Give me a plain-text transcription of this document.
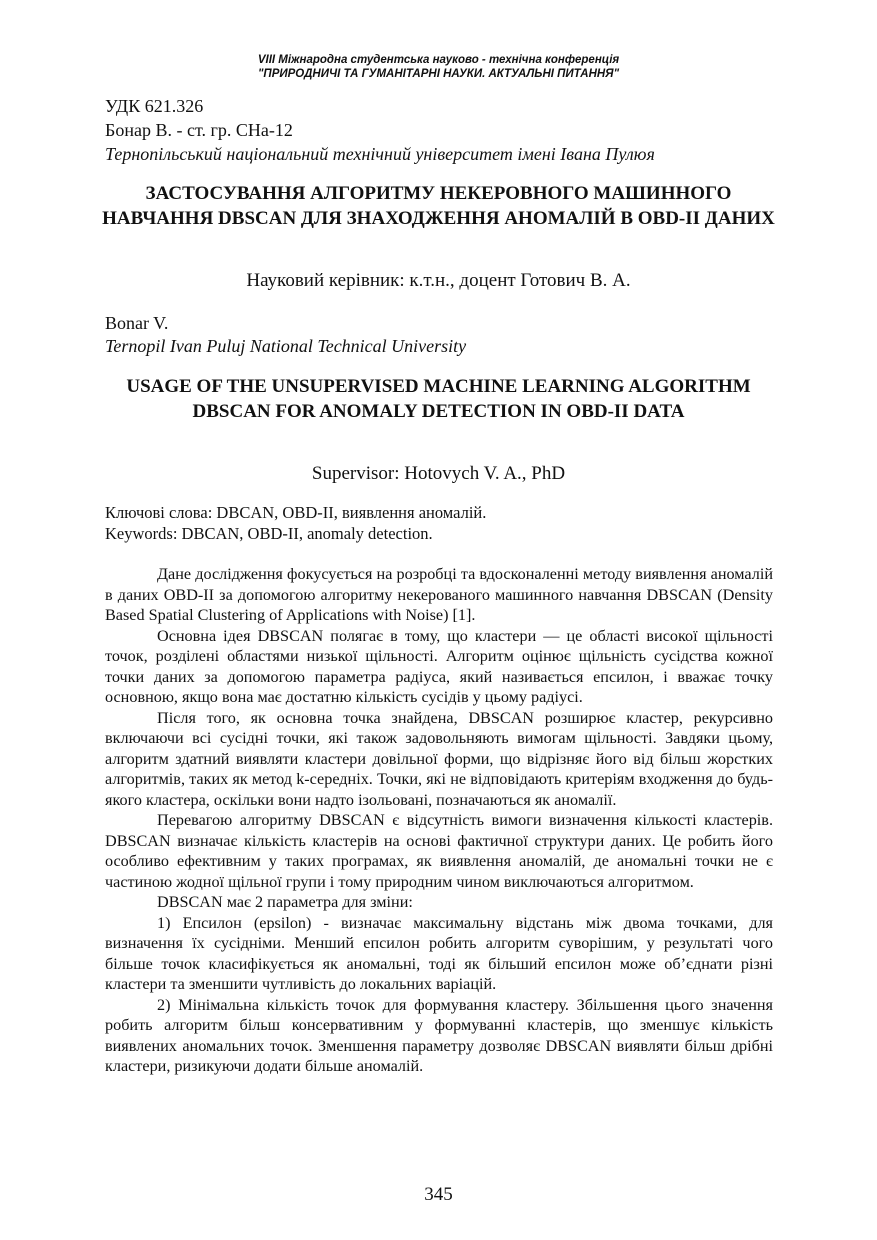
VIII Міжнародна студентська науково - технічна конференція
"ПРИРОДНИЧІ ТА ГУМАНІТАРНІ НАУКИ. АКТУАЛЬНІ ПИТАННЯ"
УДК 621.326
Бонар В. - ст. гр. СНа-12
Тернопільський національний технічний університет імені Івана Пулюя
ЗАСТОСУВАННЯ АЛГОРИТМУ НЕКЕРОВНОГО МАШИННОГО НАВЧАННЯ DBSCAN ДЛЯ ЗНАХОДЖЕННЯ АНОМАЛІЙ В OBD-II ДАНИХ
Науковий керівник: к.т.н., доцент Готович В. А.
Bonar V.
Ternopil Ivan Puluj National Technical University
USAGE OF THE UNSUPERVISED MACHINE LEARNING ALGORITHM DBSCAN FOR ANOMALY DETECTION IN OBD-II DATA
Supervisor: Hotovych V. A., PhD
Ключові слова: DBCAN, OBD-II, виявлення аномалій.
Keywords: DBCAN, OBD-II, anomaly detection.

Дане дослідження фокусується на розробці та вдосконаленні методу виявлення аномалій в даних OBD-II за допомогою алгоритму некерованого машинного навчання DBSCAN (Density Based Spatial Clustering of Applications with Noise) [1].

Основна ідея DBSCAN полягає в тому, що кластери — це області високої щільності точок, розділені областями низької щільності. Алгоритм оцінює щільність сусідства кожної точки даних за допомогою параметра радіуса, який називається епсилон, і вважає точку основною, якщо вона має достатню кількість сусідів у цьому радіусі.

Після того, як основна точка знайдена, DBSCAN розширює кластер, рекурсивно включаючи всі сусідні точки, які також задовольняють вимогам щільності. Завдяки цьому, алгоритм здатний виявляти кластери довільної форми, що відрізняє його від більш жорстких алгоритмів, таких як метод k-середніх. Точки, які не відповідають критеріям входження до будь-якого кластера, оскільки вони надто ізольовані, позначаються як аномалії.

Перевагою алгоритму DBSCAN є відсутність вимоги визначення кількості кластерів. DBSCAN визначає кількість кластерів на основі фактичної структури даних. Це робить його особливо ефективним у таких програмах, як виявлення аномалій, де аномальні точки не є частиною жодної щільної групи і тому природним чином виключаються алгоритмом.

DBSCAN має 2 параметра для зміни:

1) Епсилон (epsilon) - визначає максимальну відстань між двома точками, для визначення їх сусідніми. Менший епсилон робить алгоритм суворішим, у результаті чого більше точок класифікується як аномальні, тоді як більший епсилон може об’єднати різні кластери та зменшити чутливість до локальних варіацій.

2) Мінімальна кількість точок для формування кластеру. Збільшення цього значення робить алгоритм більш консервативним у формуванні кластерів, що зменшує кількість виявлених аномальних точок. Зменшення параметру дозволяє DBSCAN виявляти більш дрібні кластери, ризикуючи додати більше аномалій.

345
